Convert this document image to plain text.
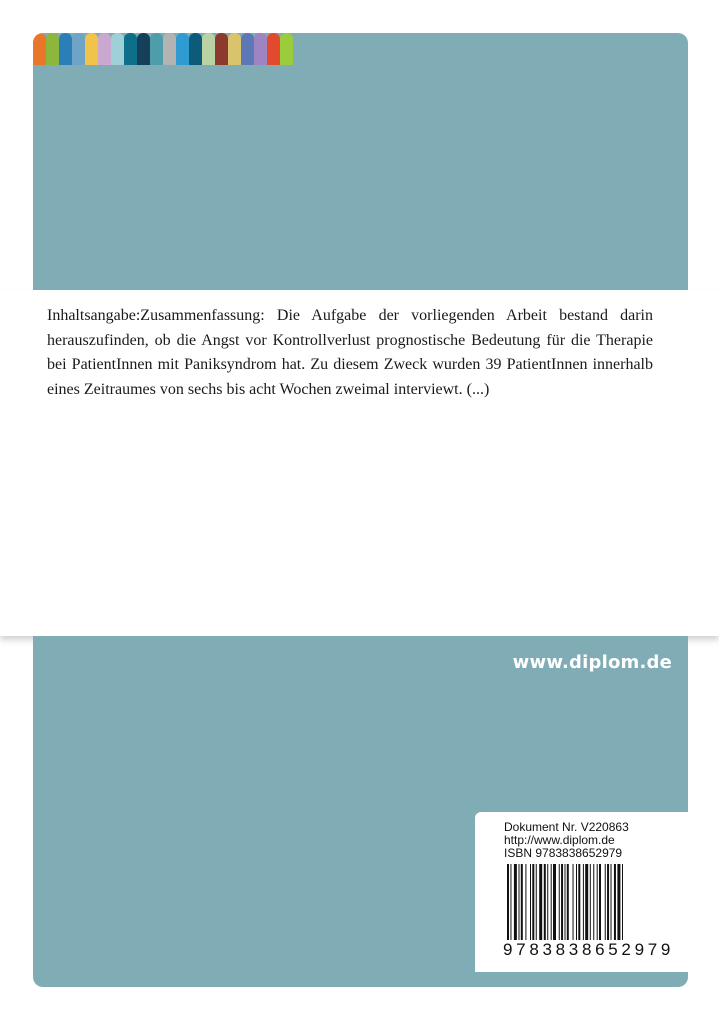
Inhaltsangabe:Zusammenfassung: Die Aufgabe der vorliegenden Arbeit bestand darin herauszufinden, ob die Angst vor Kontrollverlust prognostische Bedeutung für die Therapie bei PatientInnen mit Paniksyndrom hat. Zu diesem Zweck wurden 39 PatientInnen innerhalb eines Zeitraumes von sechs bis acht Wochen zweimal interviewt. (...)

www.diplom.de
Dokument Nr. V220863
http://www.diplom.de
ISBN 9783838652979
9 7 8 3 8 3 8 6 5 2 9 7 9
